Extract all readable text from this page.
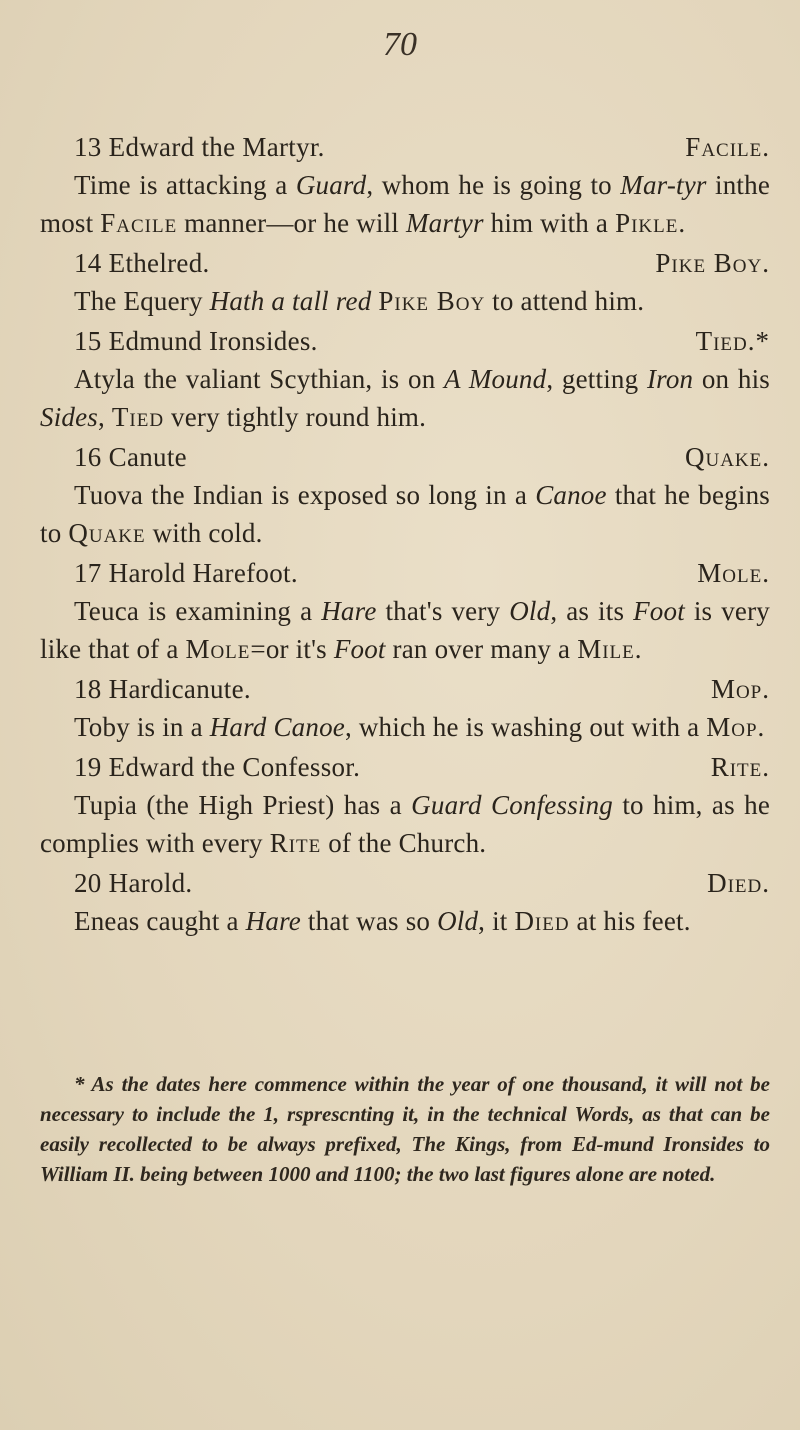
70
13 Edward the Martyr.	Facile.

Time is attacking a Guard, whom he is going to Mar-tyr inthe most Facile manner—or he will Martyr him with a Pikle.

14 Ethelred.	Pike Boy.

The Equery Hath a tall red Pike Boy to attend him.

15 Edmund Ironsides.	Tied.*

Atyla the valiant Scythian, is on A Mound, getting Iron on his Sides, Tied very tightly round him.

16 Canute	Quake.

Tuova the Indian is exposed so long in a Canoe that he begins to Quake with cold.

17 Harold Harefoot.	Mole.

Teuca is examining a Hare that's very Old, as its Foot is very like that of a Mole=or it's Foot ran over many a Mile.

18 Hardicanute.	Mop.

Toby is in a Hard Canoe, which he is washing out with a Mop.

19 Edward the Confessor.	Rite.

Tupia (the High Priest) has a Guard Confessing to him, as he complies with every Rite of the Church.

20 Harold.	Died.

Eneas caught a Hare that was so Old, it Died at his feet.

* As the dates here commence within the year of one thousand, it will not be necessary to include the 1, rsprescnting it, in the technical Words, as that can be easily recollected to be always prefixed, The Kings, from Ed-mund Ironsides to William II. being between 1000 and 1100; the two last figures alone are noted.
